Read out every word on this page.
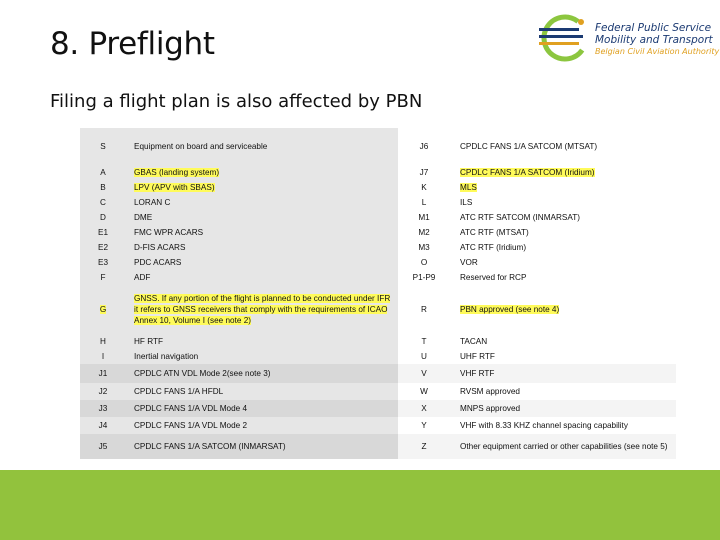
8. Preflight	Federal Public Service
Mobility and Transport
Belgian Civil Aviation Authority
Filing a flight plan is also affected by PBN
S	Equipment on board and serviceable	J6	CPDLC FANS 1/A SATCOM (MTSAT)
A	GBAS (landing system)	J7	CPDLC FANS 1/A SATCOM (Iridium)
B	LPV (APV with SBAS)	K	MLS
C	LORAN C	L	ILS
D	DME	M1	ATC RTF SATCOM (INMARSAT)
E1	FMC WPR ACARS	M2	ATC RTF (MTSAT)
E2	D-FIS ACARS	M3	ATC RTF (Iridium)
E3	PDC ACARS	O	VOR
F	ADF	P1-P9	Reserved for RCP
G	GNSS. If any portion of the flight is planned to be conducted under IFR it refers to GNSS receivers that comply with the requirements of ICAO Annex 10, Volume I (see note 2)	R	PBN approved (see note 4)
H	HF RTF	T	TACAN
I	Inertial navigation	U	UHF RTF
J1	CPDLC ATN VDL Mode 2(see note 3)	V	VHF RTF
J2	CPDLC FANS 1/A HFDL	W	RVSM approved
J3	CPDLC FANS 1/A VDL Mode 4	X	MNPS approved
J4	CPDLC FANS 1/A VDL Mode 2	Y	VHF with 8.33 KHZ channel spacing capability
J5	CPDLC FANS 1/A SATCOM (INMARSAT)	Z	Other equipment carried or other capabilities (see note 5)
